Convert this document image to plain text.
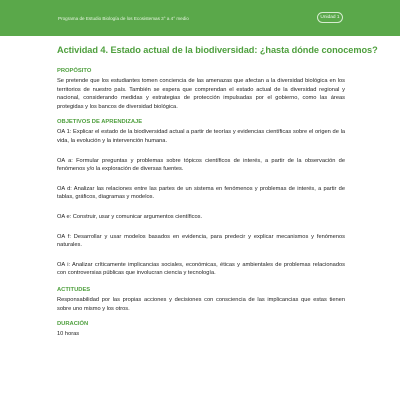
Programa de Estudio Biología de los Ecosistemas 3° a 4° medio	Unidad 1
Actividad 4. Estado actual de la biodiversidad: ¿hasta dónde conocemos?
PROPÓSITO

Se pretende que los estudiantes tomen conciencia de las amenazas que afectan a la diversidad biológica en los territorios de nuestro país. También se espera que comprendan el estado actual de la diversidad regional y nacional, considerando medidas y estrategias de protección impulsadas por el gobierno, como las áreas protegidas y los bancos de diversidad biológica.

OBJETIVOS DE APRENDIZAJE

OA 1: Explicar el estado de la biodiversidad actual a partir de teorías y evidencias científicas sobre el origen de la vida, la evolución y la intervención humana.

OA a: Formular preguntas y problemas sobre tópicos científicos de interés, a partir de la observación de fenómenos y/o la exploración de diversas fuentes.

OA d: Analizar las relaciones entre las partes de un sistema en fenómenos y problemas de interés, a partir de tablas, gráficos, diagramas y modelos.

OA e: Construir, usar y comunicar argumentos científicos.

OA f: Desarrollar y usar modelos basados en evidencia, para predecir y explicar mecanismos y fenómenos naturales.

OA i: Analizar críticamente implicancias sociales, económicas, éticas y ambientales de problemas relacionados con controversias públicas que involucran ciencia y tecnología.

ACTITUDES

Responsabilidad por las propias acciones y decisiones con consciencia de las implicancias que estas tienen sobre uno mismo y los otros.

DURACIÓN

10 horas
